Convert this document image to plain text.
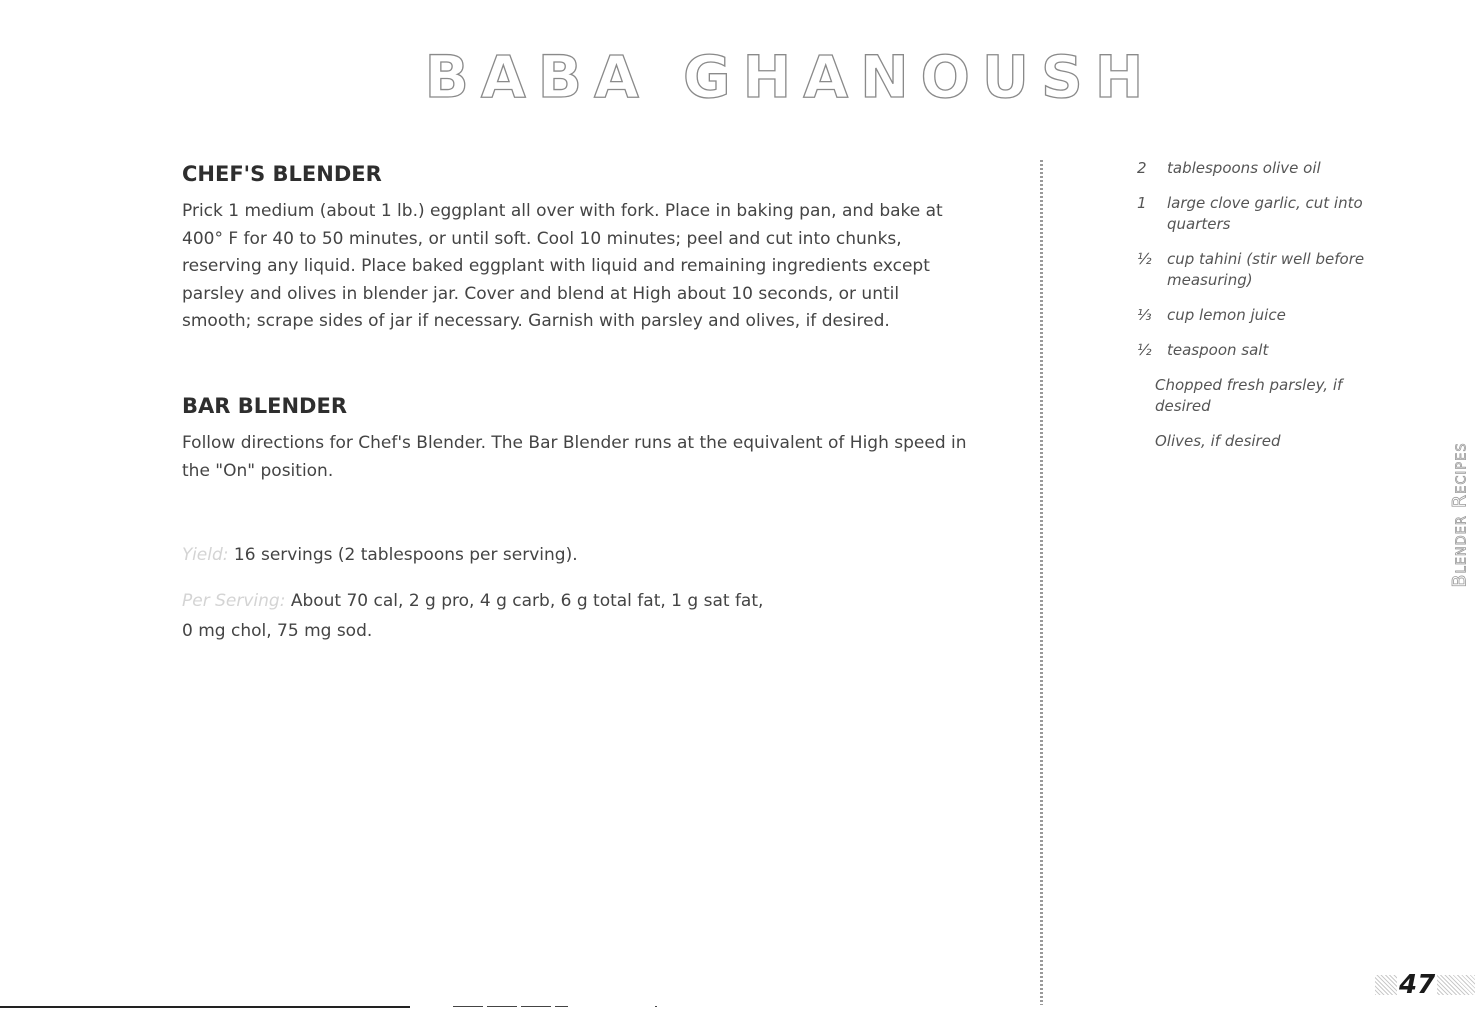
BABA GHANOUSH
CHEF'S BLENDER

Prick 1 medium (about 1 lb.) eggplant all over with fork. Place in baking pan, and bake at 400° F for 40 to 50 minutes, or until soft. Cool 10 minutes; peel and cut into chunks, reserving any liquid. Place baked eggplant with liquid and remaining ingredients except parsley and olives in blender jar. Cover and blend at High about 10 seconds, or until smooth; scrape sides of jar if necessary. Garnish with parsley and olives, if desired.

BAR BLENDER

Follow directions for Chef's Blender. The Bar Blender runs at the equivalent of High speed in the "On" position.

Yield: 16 servings (2 tablespoons per serving).

Per Serving: About 70 cal, 2 g pro, 4 g carb, 6 g total fat, 1 g sat fat,

0 mg chol, 75 mg sod.

2	tablespoons olive oil
1	large clove garlic, cut into quarters
½	cup tahini (stir well before measuring)
⅓	cup lemon juice
½	teaspoon salt
Chopped fresh parsley, if desired
Olives, if desired
Blender Recipes
47
